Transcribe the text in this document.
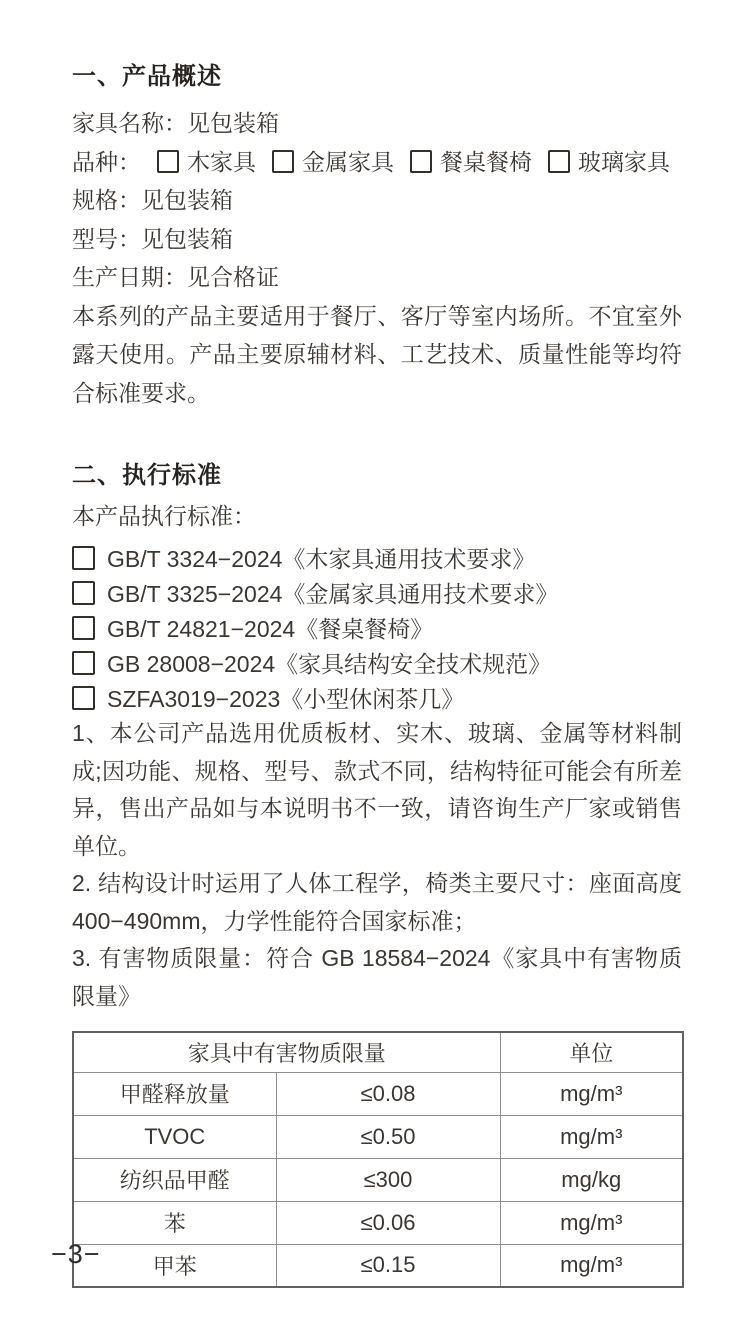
一、产品概述
家具名称：见包装箱
品种： 木家具 金属家具 餐桌餐椅 玻璃家具
规格：见包装箱
型号：见包装箱
生产日期：见合格证

本系列的产品主要适用于餐厅、客厅等室内场所。不宜室外露天使用。产品主要原辅材料、工艺技术、质量性能等均符合标准要求。

二、执行标准
本产品执行标准：
GB/T 3324−2024《木家具通用技术要求》
GB/T 3325−2024《金属家具通用技术要求》
GB/T 24821−2024《餐桌餐椅》
GB 28008−2024《家具结构安全技术规范》
SZFA3019−2023《小型休闲茶几》

1、本公司产品选用优质板材、实木、玻璃、金属等材料制成;因功能、规格、型号、款式不同，结构特征可能会有所差异，售出产品如与本说明书不一致，请咨询生产厂家或销售单位。

2. 结构设计时运用了人体工程学，椅类主要尺寸：座面高度400−490mm，力学性能符合国家标准；

3. 有害物质限量：符合 GB 18584−2024《家具中有害物质限量》

家具中有害物质限量		单位
甲醛释放量	≤0.08	mg/m³
TVOC	≤0.50	mg/m³
纺织品甲醛	≤300	mg/kg
苯	≤0.06	mg/m³
甲苯	≤0.15	mg/m³
−3−
